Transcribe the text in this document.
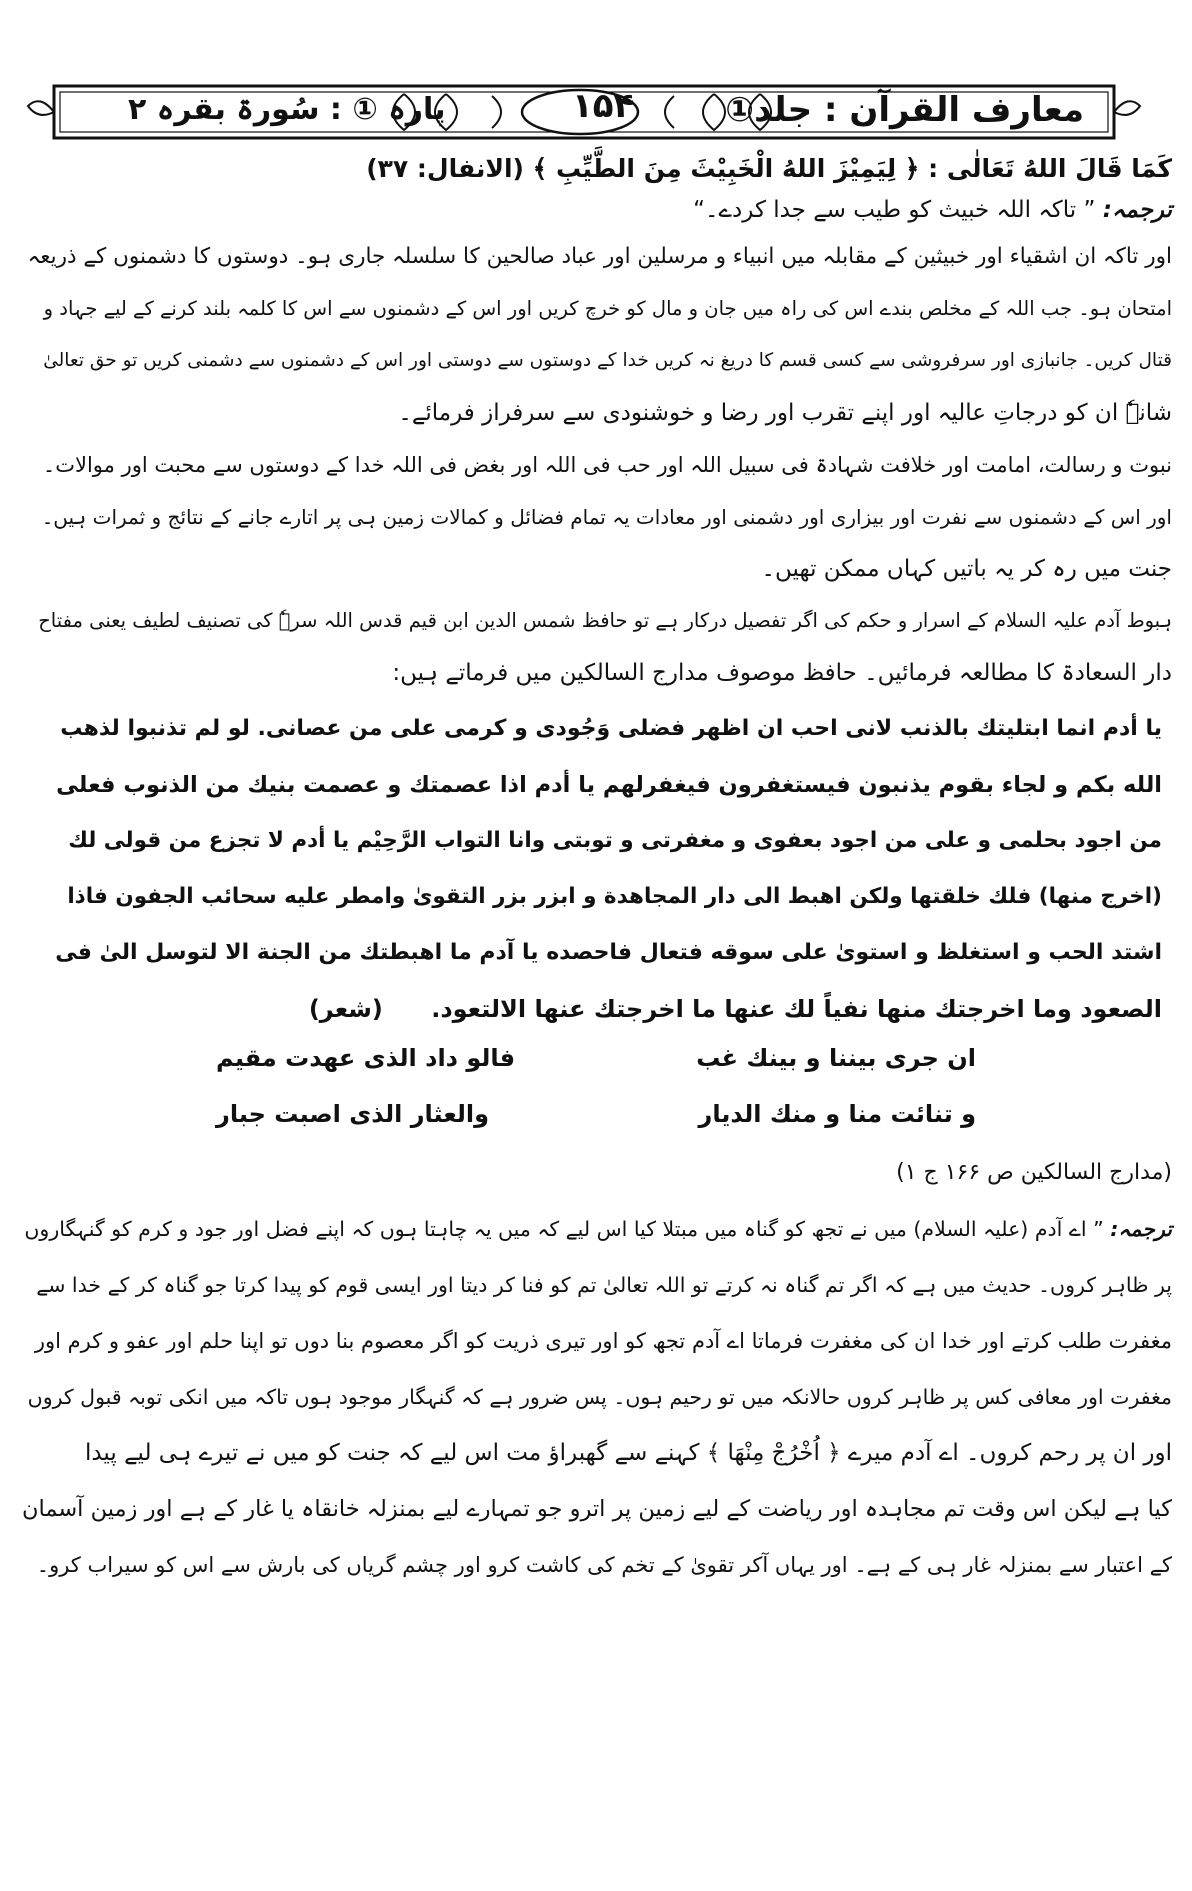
معارف القرآن : جلد①
۱۵۴
پارہ ① : سُورۃ بقرہ ۲
كَمَا قَالَ اللهُ تَعَالٰى : ﴿ لِيَمِيْزَ اللهُ الْخَبِيْثَ مِنَ الطَّيِّبِ ﴾ (الانفال: ۳۷)
ترجمہ: ” تاکہ اللہ خبیث کو طیب سے جدا کردے۔“
اور تاکہ ان اشقیاء اور خبیثین کے مقابلہ میں انبیاء و مرسلین اور عباد صالحین کا سلسلہ جاری ہو۔ دوستوں کا دشمنوں کے ذریعہ
امتحان ہو۔ جب اللہ کے مخلص بندے اس کی راہ میں جان و مال کو خرچ کریں اور اس کے دشمنوں سے اس کا کلمہ بلند کرنے کے لیے جہاد و
قتال کریں۔ جانبازی اور سرفروشی سے کسی قسم کا دریغ نہ کریں خدا کے دوستوں سے دوستی اور اس کے دشمنوں سے دشمنی کریں تو حق تعالیٰ
شانہٗ ان کو درجاتِ عالیہ اور اپنے تقرب اور رضا و خوشنودی سے سرفراز فرمائے۔
نبوت و رسالت، امامت اور خلافت شہادۃ فی سبیل اللہ اور حب فی اللہ اور بغض فی اللہ خدا کے دوستوں سے محبت اور موالات۔
اور اس کے دشمنوں سے نفرت اور بیزاری اور دشمنی اور معادات یہ تمام فضائل و کمالات زمین ہی پر اتارے جانے کے نتائج و ثمرات ہیں۔
جنت میں رہ کر یہ باتیں کہاں ممکن تھیں۔
ہبوط آدم علیہ السلام کے اسرار و حکم کی اگر تفصیل درکار ہے تو حافظ شمس الدین ابن قیم قدس اللہ سرہٗ کی تصنیف لطیف یعنی مفتاح
دار السعادۃ کا مطالعہ فرمائیں۔ حافظ موصوف مدارج السالکین میں فرماتے ہیں:
يا أدم انما ابتليتك بالذنب لانى احب ان اظهر فضلى وَجُودى و كرمى على من عصانى. لو لم تذنبوا لذهب
الله بكم و لجاء بقوم يذنبون فيستغفرون فيغفرلهم يا أدم اذا عصمتك و عصمت بنيك من الذنوب فعلى
من اجود بحلمى و على من اجود بعفوى و مغفرتى و توبتى وانا التواب الرَّحِيْم يا أدم لا تجزع من قولى لك
(اخرج منها) فلك خلقتها ولكن اهبط الى دار المجاهدة و ابزر بزر التقوىٰ وامطر عليه سحائب الجفون فاذا
اشتد الحب و استغلظ و استوىٰ على سوقه فتعال فاحصده يا آدم ما اهبطتك من الجنة الا لتوسل الىٰ فى
الصعود وما اخرجتك منها نفياً لك عنها ما اخرجتك عنها الالتعود. (شعر)
ان جرى بيننا و بينك غب
فالو داد الذى عهدت مقيم
و تنائت منا و منك الديار
والعثار الذى اصبت جبار
(مدارج السالکین ص ۱۶۶ ج ۱)
ترجمہ: ” اے آدم (علیہ السلام) میں نے تجھ کو گناہ میں مبتلا کیا اس لیے کہ میں یہ چاہتا ہوں کہ اپنے فضل اور جود و کرم کو گنہگاروں
پر ظاہر کروں۔ حدیث میں ہے کہ اگر تم گناہ نہ کرتے تو اللہ تعالیٰ تم کو فنا کر دیتا اور ایسی قوم کو پیدا کرتا جو گناہ کر کے خدا سے
مغفرت طلب کرتے اور خدا ان کی مغفرت فرماتا اے آدم تجھ کو اور تیری ذریت کو اگر معصوم بنا دوں تو اپنا حلم اور عفو و کرم اور
مغفرت اور معافی کس پر ظاہر کروں حالانکہ میں تو رحیم ہوں۔ پس ضرور ہے کہ گنہگار موجود ہوں تاکہ میں انکی توبہ قبول کروں
اور ان پر رحم کروں۔ اے آدم میرے ﴿ اُخْرُجْ مِنْهَا ﴾ کہنے سے گھبراؤ مت اس لیے کہ جنت کو میں نے تیرے ہی لیے پیدا
کیا ہے لیکن اس وقت تم مجاہدہ اور ریاضت کے لیے زمین پر اترو جو تمہارے لیے بمنزلہ خانقاہ یا غار کے ہے اور زمین آسمان
کے اعتبار سے بمنزلہ غار ہی کے ہے۔ اور یہاں آکر تقویٰ کے تخم کی کاشت کرو اور چشم گریاں کی بارش سے اس کو سیراب کرو۔
